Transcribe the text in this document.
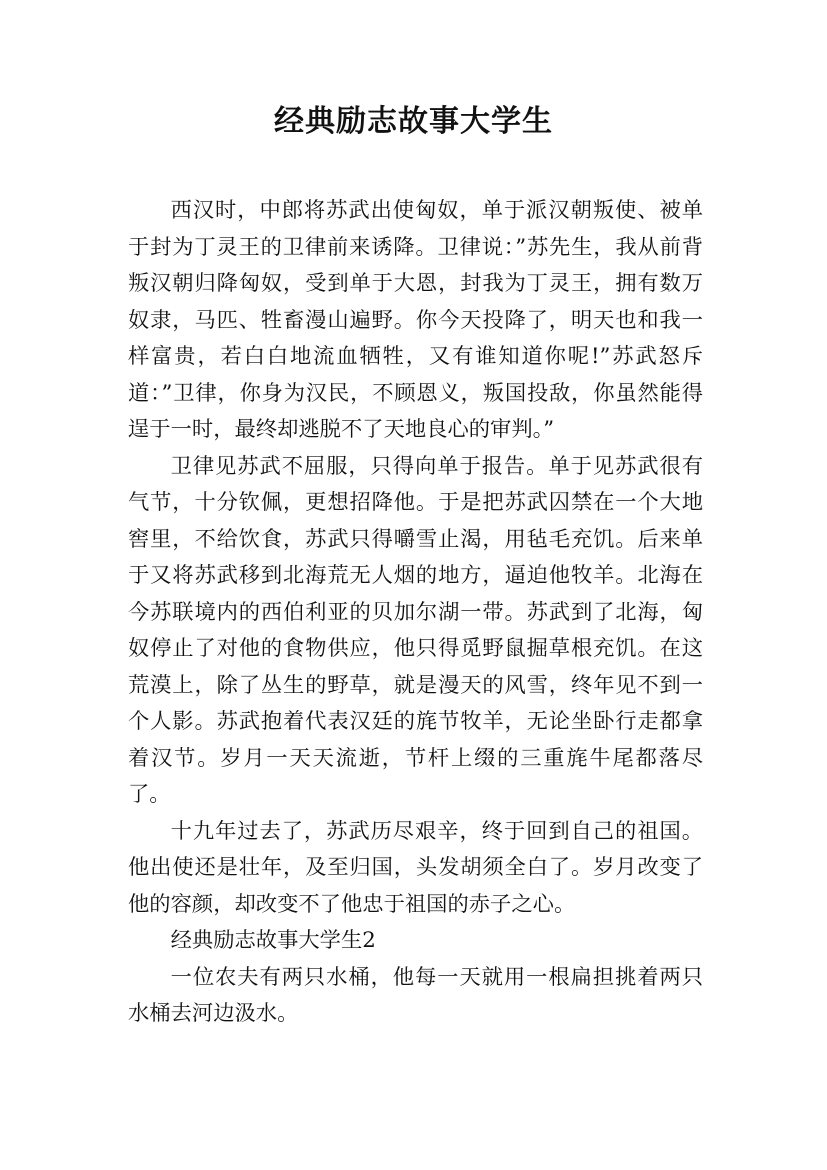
经典励志故事大学生

西汉时，中郎将苏武出使匈奴，单于派汉朝叛使、被单于封为丁灵王的卫律前来诱降。卫律说：”苏先生，我从前背叛汉朝归降匈奴，受到单于大恩，封我为丁灵王，拥有数万奴隶，马匹、牲畜漫山遍野。你今天投降了，明天也和我一样富贵，若白白地流血牺牲，又有谁知道你呢!”苏武怒斥道：”卫律，你身为汉民，不顾恩义，叛国投敌，你虽然能得逞于一时，最终却逃脱不了天地良心的审判。”

卫律见苏武不屈服，只得向单于报告。单于见苏武很有气节，十分钦佩，更想招降他。于是把苏武囚禁在一个大地窖里，不给饮食，苏武只得嚼雪止渴，用毡毛充饥。后来单于又将苏武移到北海荒无人烟的地方，逼迫他牧羊。北海在今苏联境内的西伯利亚的贝加尔湖一带。苏武到了北海，匈奴停止了对他的食物供应，他只得觅野鼠掘草根充饥。在这荒漠上，除了丛生的野草，就是漫天的风雪，终年见不到一个人影。苏武抱着代表汉廷的旄节牧羊，无论坐卧行走都拿着汉节。岁月一天天流逝，节杆上缀的三重旄牛尾都落尽了。

十九年过去了，苏武历尽艰辛，终于回到自己的祖国。他出使还是壮年，及至归国，头发胡须全白了。岁月改变了他的容颜，却改变不了他忠于祖国的赤子之心。

经典励志故事大学生2

一位农夫有两只水桶，他每一天就用一根扁担挑着两只水桶去河边汲水。
